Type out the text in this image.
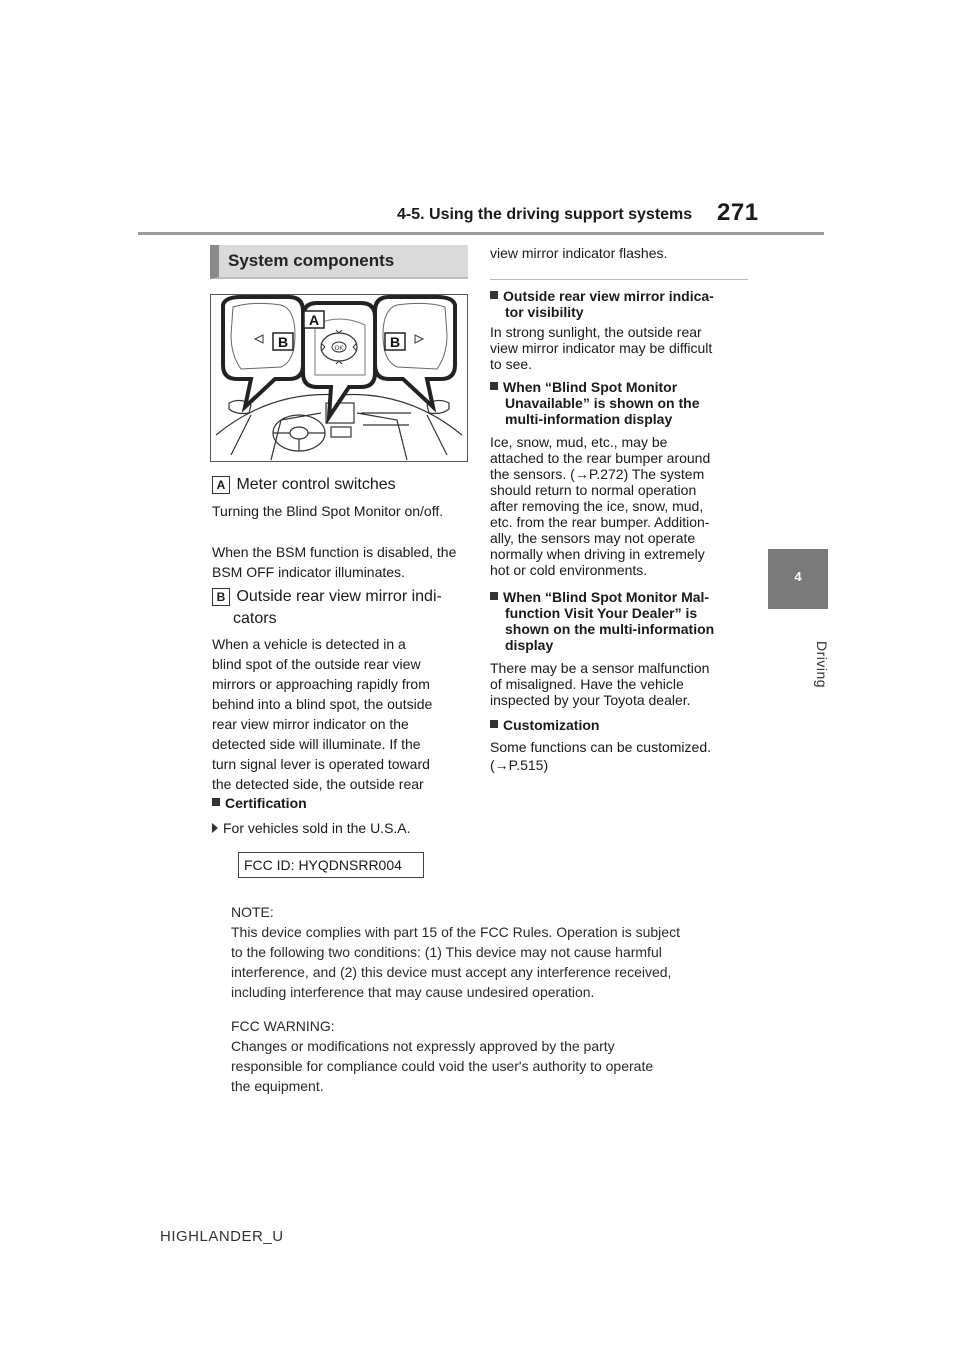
4-5. Using the driving support systems 271
4
Driving
System components
B	B
A
OK
A Meter control switches
Turning the Blind Spot Monitor on/off.
When the BSM function is disabled, the BSM OFF indicator illuminates.
B Outside rear view mirror indi-
cators
When a vehicle is detected in a
blind spot of the outside rear view
mirrors or approaching rapidly from
behind into a blind spot, the outside
rear view mirror indicator on the
detected side will illuminate. If the
turn signal lever is operated toward
the detected side, the outside rear
Certification
For vehicles sold in the U.S.A.
FCC ID: HYQDNSRR004
NOTE:
This device complies with part 15 of the FCC Rules. Operation is subject
to the following two conditions: (1) This device may not cause harmful
interference, and (2) this device must accept any interference received,
including interference that may cause undesired operation.
FCC WARNING:
Changes or modifications not expressly approved by the party
responsible for compliance could void the user's authority to operate
the equipment.
view mirror indicator flashes.
Outside rear view mirror indica-
tor visibility
In strong sunlight, the outside rear
view mirror indicator may be difficult
to see.
When “Blind Spot Monitor
Unavailable” is shown on the
multi-information display
Ice, snow, mud, etc., may be
attached to the rear bumper around
the sensors. (→P.272) The system
should return to normal operation
after removing the ice, snow, mud,
etc. from the rear bumper. Addition-
ally, the sensors may not operate
normally when driving in extremely
hot or cold environments.
When “Blind Spot Monitor Mal-
function Visit Your Dealer” is
shown on the multi-information
display
There may be a sensor malfunction
of misaligned. Have the vehicle
inspected by your Toyota dealer.
Customization
Some functions can be customized.
(→P.515)
HIGHLANDER_U
